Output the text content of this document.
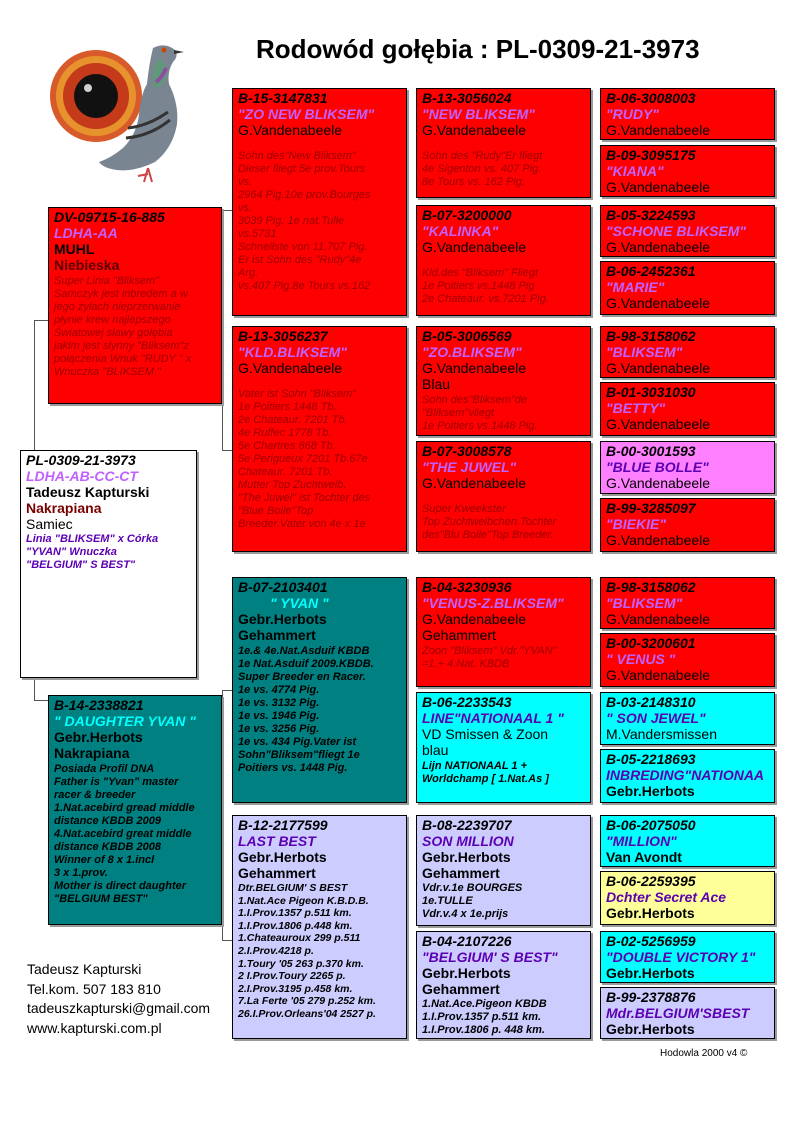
Rodowód gołębia : PL-0309-21-3973
PL-0309-21-3973
LDHA-AB-CC-CT
Tadeusz Kapturski
Nakrapiana
Samiec
Linia "BLIKSEM" x Córka
"YVAN" Wnuczka
"BELGIUM" S BEST"
DV-09715-16-885
LDHA-AA
MUHL
Niebieska
Super Linia "Bliksem"
Samczyk jest inbredem a w
jego żyłach nieprzerwanie
płynie krew najlepszego
Światowej sławy gołębia
jakim jest słynny "Bliksem"z
połączenia Wnuk "RUDY " x
Wnuczka "BLIKSEM "
B-14-2338821
" DAUGHTER YVAN "
Gebr.Herbots
Nakrapiana
Posiada Profil DNA
Father is "Yvan" master
racer & breeder
1.Nat.acebird gread middle
distance KBDB 2009
4.Nat.acebird great middle
distance KBDB 2008
Winner of 8 x 1.incl
3 x 1.prov.
Mother is direct daughter
"BELGIUM BEST"
B-15-3147831
"ZO NEW BLIKSEM"
G.Vandenabeele
Sohn des"New Bliksem"
Dieser fliegt 5e prov.Tours
vs.
2964 Pig.10e prov.Bourges
vs.
3039 Pig. 1e nat.Tulle
vs.5731
Schnellste von 11.707 Pig.
Er ist Sohn des "Rudy"4e
Arg.
vs.407 Pig.8e Tours vs.162
B-13-3056237
"KLD.BLIKSEM"
G.Vandenabeele
Vater ist Sohn "Bliksem"
1e Poitiers 1448 Tb.
2e Chateaur. 7201 Tb.
4e Ruffec 1778 Tb.
5e Chartres 668 Tb.
5e Perigueux 7201 Tb.67e
Chateaur. 7201 Tb.
Mutter Top Zuchtweib.
"The Juwel" ist Tochter des
"Blue Bolle"Top
Breeder.Vater von 4e x 1e
B-07-2103401
" YVAN "
Gebr.Herbots
Gehammert
1e.& 4e.Nat.Asduif KBDB
1e Nat.Asduif 2009.KBDB.
Super Breeder en Racer.
1e vs. 4774 Pig.
1e vs. 3132 Pig.
1e vs. 1946 Pig.
1e vs. 3256 Pig.
1e vs. 434 Pig.Vater ist
Sohn"Bliksem"fliegt 1e
Poitiers vs. 1448 Pig.
B-12-2177599
LAST BEST
Gebr.Herbots
Gehammert
Dtr.BELGIUM' S BEST
1.Nat.Ace Pigeon K.B.D.B.
1.I.Prov.1357 p.511 km.
1.I.Prov.1806 p.448 km.
1.Chateauroux 299 p.511
2.I.Prov.4218 p.
1.Toury '05 263 p.370 km.
2 I.Prov.Toury 2265 p.
2.I.Prov.3195 p.458 km.
7.La Ferte '05 279 p.252 km.
26.I.Prov.Orleans'04 2527 p.
B-13-3056024
"NEW BLIKSEM"
G.Vandenabeele
Sohn des "Rudy"Er fliegt
4e Sigenton vs. 407 Pig.
8e Tours vs. 162 Pig.
B-07-3200000
"KALINKA"
G.Vandenabeele
Kld.des "Bliksem" Fliegt
1e Poitiers vs.1448 Pig
2e Chateaur. vs.7201 Pig.
B-05-3006569
"ZO.BLIKSEM"
G.Vandenabeele
Blau
Sohn des"Bliksem"de
"Bliksem"vliegt
1e Poitiers vs.1448 Pig.
B-07-3008578
"THE JUWEL"
G.Vandenabeele
Super Kweekster
Top Zuchtweibchen.Tochter
des"Blu Bolle"Top Breeder.
B-04-3230936
"VENUS-Z.BLIKSEM"
G.Vandenabeele
Gehammert
Zoon "Bliksem" Vdr."YVAN"
=1.+ 4.Nat. KBDB
B-06-2233543
LINE"NATIONAAL 1 "
VD Smissen & Zoon
blau
Lijn NATIONAAL 1 +
Worldchamp [ 1.Nat.As ]
B-08-2239707
SON MILLION
Gebr.Herbots
Gehammert
Vdr.v.1e BOURGES
1e.TULLE
Vdr.v.4 x 1e.prijs
B-04-2107226
"BELGIUM' S BEST"
Gebr.Herbots
Gehammert
1.Nat.Ace.Pigeon KBDB
1.I.Prov.1357 p.511 km.
1.I.Prov.1806 p. 448 km.
B-06-3008003
"RUDY"
G.Vandenabeele
B-09-3095175
"KIANA"
G.Vandenabeele
B-05-3224593
"SCHONE BLIKSEM"
G.Vandenabeele
B-06-2452361
"MARIE"
G.Vandenabeele
B-98-3158062
"BLIKSEM"
G.Vandenabeele
B-01-3031030
"BETTY"
G.Vandenabeele
B-00-3001593
"BLUE BOLLE"
G.Vandenabeele
B-99-3285097
"BIEKIE"
G.Vandenabeele
B-98-3158062
"BLIKSEM"
G.Vandenabeele
B-00-3200601
" VENUS "
G.Vandenabeele
B-03-2148310
" SON JEWEL"
M.Vandersmissen
B-05-2218693
INBREDING"NATIONAA
Gebr.Herbots
B-06-2075050
"MILLION"
Van Avondt
B-06-2259395
Dchter Secret Ace
Gebr.Herbots
B-02-5256959
"DOUBLE VICTORY 1"
Gebr.Herbots
B-99-2378876
Mdr.BELGIUM'SBEST
Gebr.Herbots
Tadeusz Kapturski
Tel.kom. 507 183 810
tadeuszkapturski@gmail.com
www.kapturski.com.pl
Hodowla 2000 v4 ©
